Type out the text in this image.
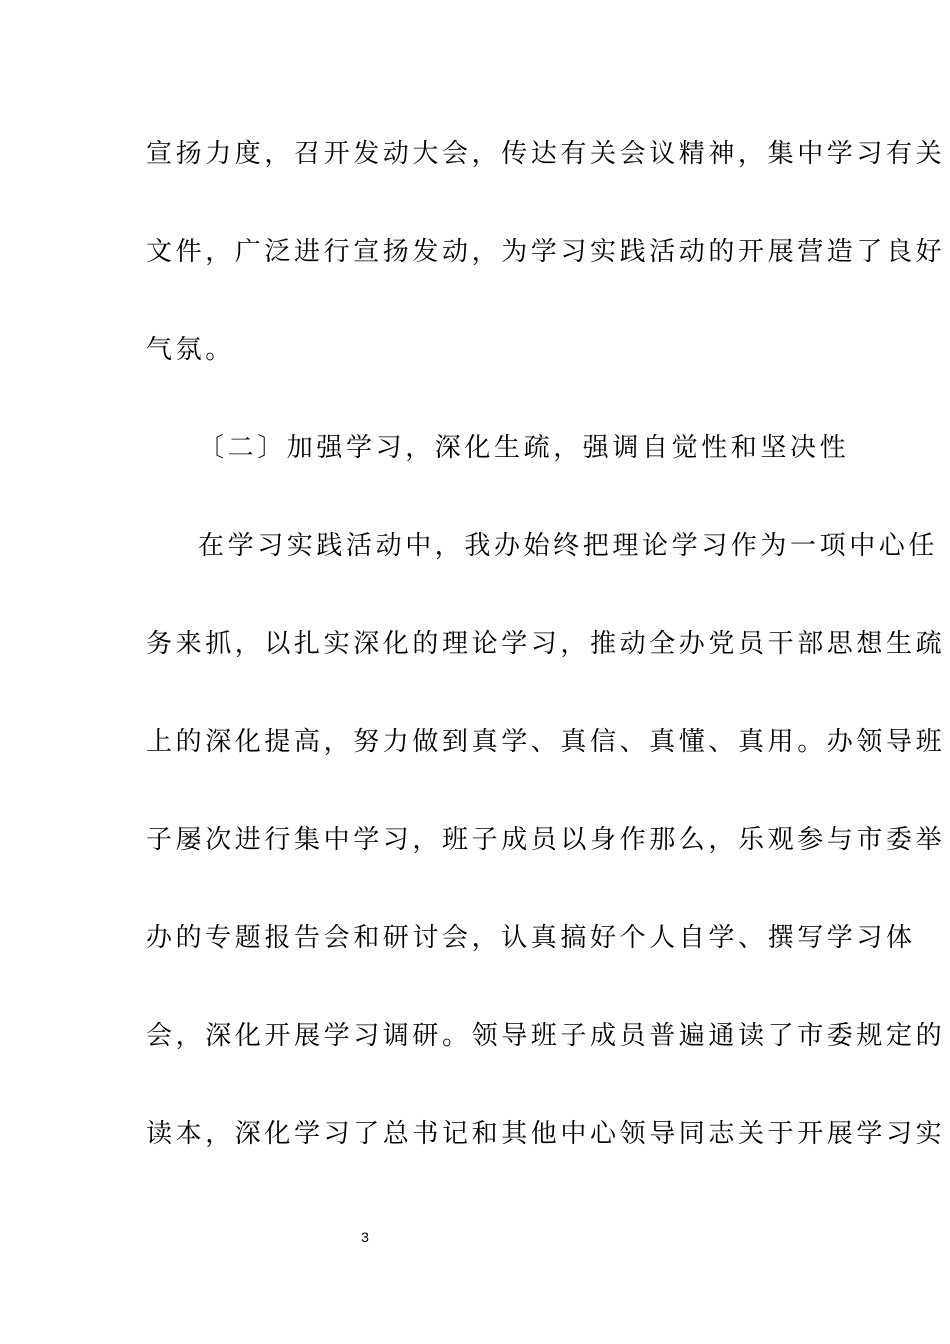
宣扬力度，召开发动大会，传达有关会议精神，集中学习有关
文件，广泛进行宣扬发动，为学习实践活动的开展营造了良好
气氛。
〔二〕加强学习，深化生疏，强调自觉性和坚决性
在学习实践活动中，我办始终把理论学习作为一项中心任
务来抓，以扎实深化的理论学习，推动全办党员干部思想生疏
上的深化提高，努力做到真学、真信、真懂、真用。办领导班
子屡次进行集中学习，班子成员以身作那么，乐观参与市委举
办的专题报告会和研讨会，认真搞好个人自学、撰写学习体
会，深化开展学习调研。领导班子成员普遍通读了市委规定的
读本，深化学习了总书记和其他中心领导同志关于开展学习实
3
